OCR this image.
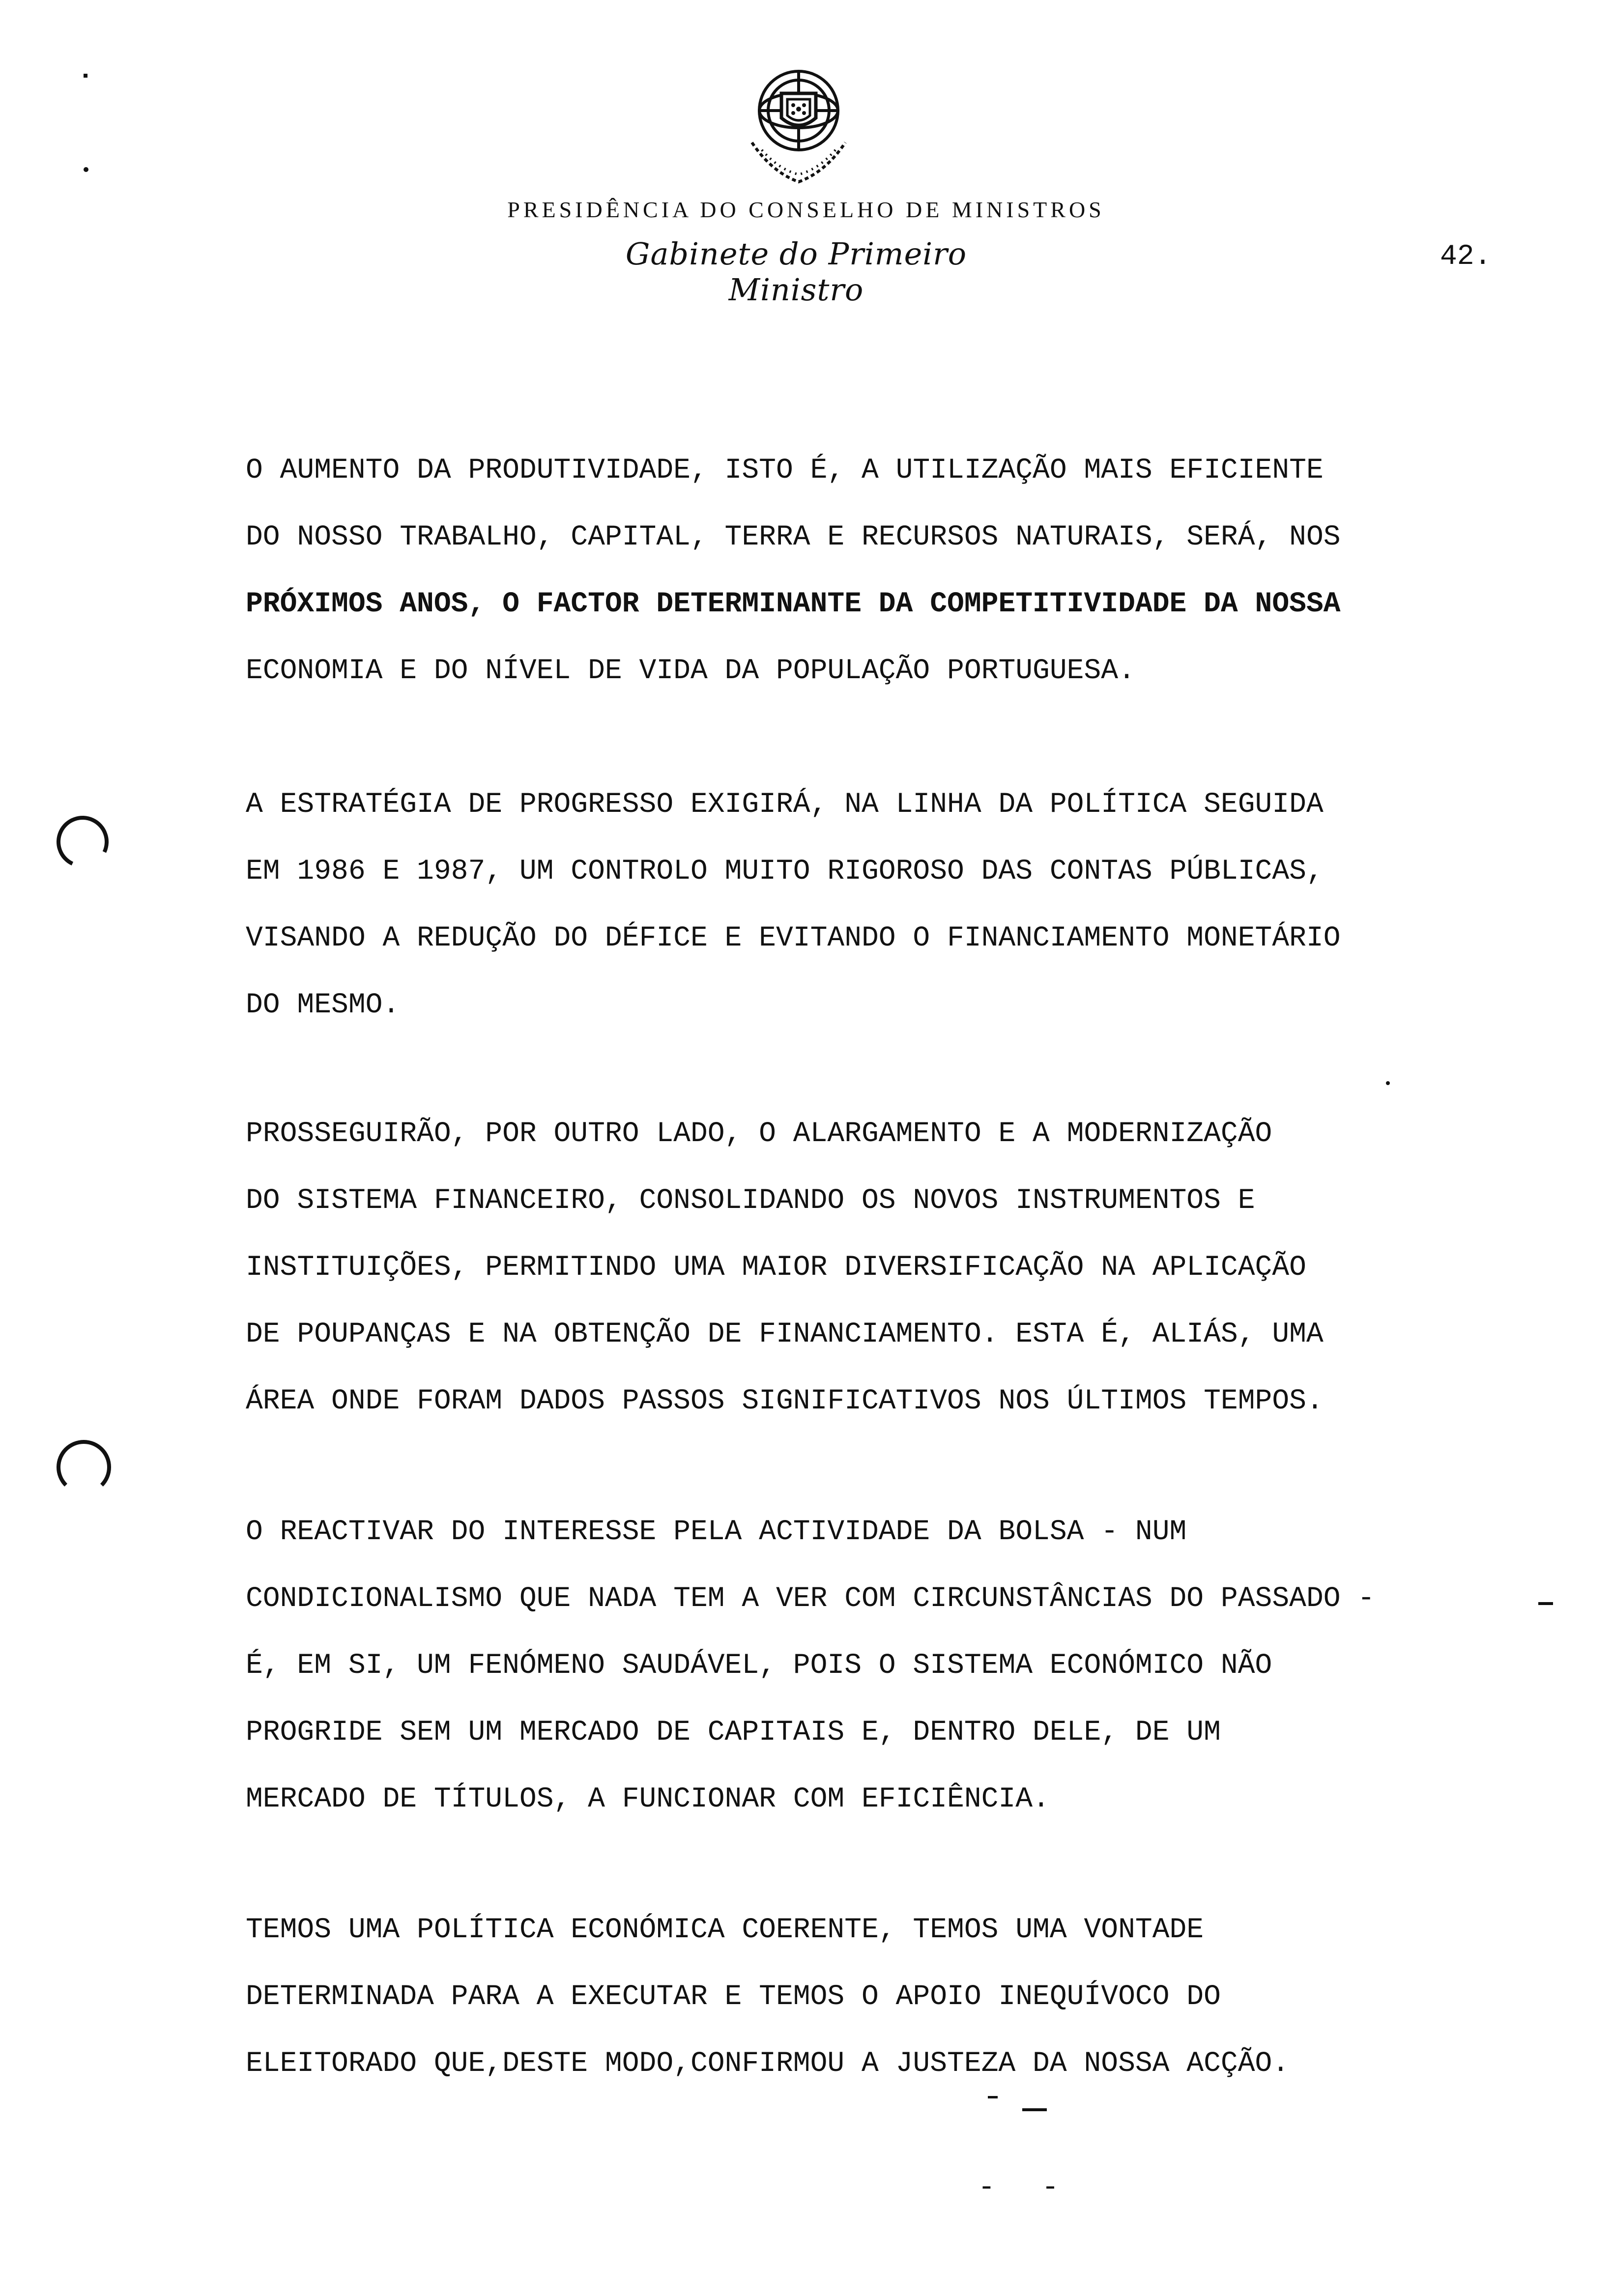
PRESIDÊNCIA DO CONSELHO DE MINISTROS
Gabinete do Primeiro Ministro
42.
O AUMENTO DA PRODUTIVIDADE, ISTO É, A UTILIZAÇÃO MAIS EFICIENTE
DO NOSSO TRABALHO, CAPITAL, TERRA E RECURSOS NATURAIS, SERÁ, NOS
PRÓXIMOS ANOS, O FACTOR DETERMINANTE DA COMPETITIVIDADE DA NOSSA
ECONOMIA E DO NÍVEL DE VIDA DA POPULAÇÃO PORTUGUESA.
A ESTRATÉGIA DE PROGRESSO EXIGIRÁ, NA LINHA DA POLÍTICA SEGUIDA
EM 1986 E 1987, UM CONTROLO MUITO RIGOROSO DAS CONTAS PÚBLICAS,
VISANDO A REDUÇÃO DO DÉFICE E EVITANDO O FINANCIAMENTO MONETÁRIO
DO MESMO.
PROSSEGUIRÃO, POR OUTRO LADO, O ALARGAMENTO E A MODERNIZAÇÃO
DO SISTEMA FINANCEIRO, CONSOLIDANDO OS NOVOS INSTRUMENTOS E
INSTITUIÇÕES, PERMITINDO UMA MAIOR DIVERSIFICAÇÃO NA APLICAÇÃO
DE POUPANÇAS E NA OBTENÇÃO DE FINANCIAMENTO. ESTA É, ALIÁS, UMA
ÁREA ONDE FORAM DADOS PASSOS SIGNIFICATIVOS NOS ÚLTIMOS TEMPOS.
O REACTIVAR DO INTERESSE PELA ACTIVIDADE DA BOLSA - NUM
CONDICIONALISMO QUE NADA TEM A VER COM CIRCUNSTÂNCIAS DO PASSADO -
É, EM SI, UM FENÓMENO SAUDÁVEL, POIS O SISTEMA ECONÓMICO NÃO
PROGRIDE SEM UM MERCADO DE CAPITAIS E, DENTRO DELE, DE UM
MERCADO DE TÍTULOS, A FUNCIONAR COM EFICIÊNCIA.
TEMOS UMA POLÍTICA ECONÓMICA COERENTE, TEMOS UMA VONTADE
DETERMINADA PARA A EXECUTAR E TEMOS O APOIO INEQUÍVOCO DO
ELEITORADO QUE,DESTE MODO,CONFIRMOU A JUSTEZA DA NOSSA ACÇÃO.
- -
